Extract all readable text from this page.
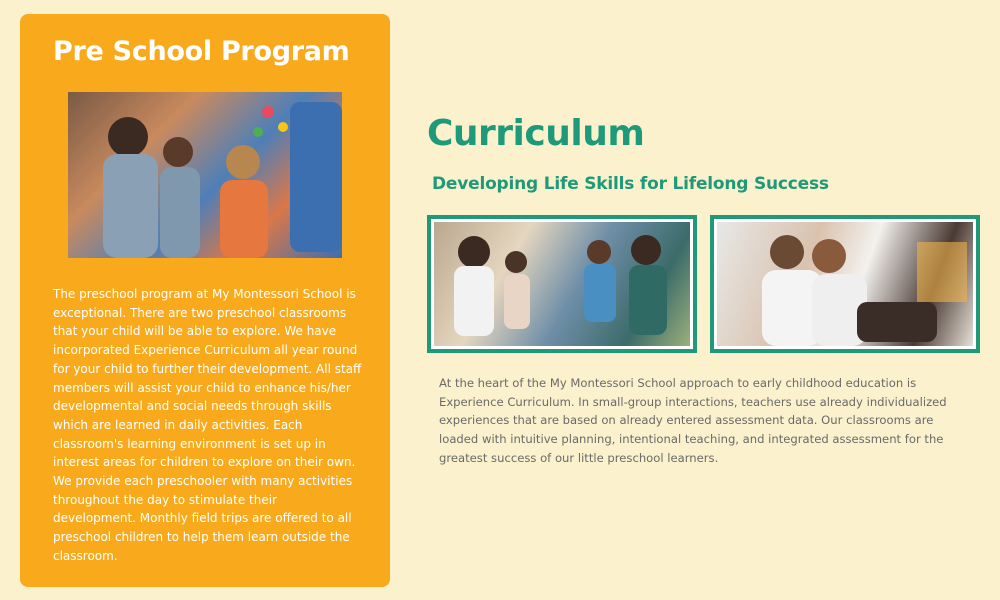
Pre School Program

The preschool program at My Montessori School is exceptional. There are two preschool classrooms that your child will be able to explore. We have incorporated Experience Curriculum all year round for your child to further their development. All staff members will assist your child to enhance his/her developmental and social needs through skills which are learned in daily activities. Each classroom's learning environment is set up in interest areas for children to explore on their own. We provide each preschooler with many activities throughout the day to stimulate their development. Monthly field trips are offered to all preschool children to help them learn outside the classroom.

Curriculum
Developing Life Skills for Lifelong Success

At the heart of the My Montessori School approach to early childhood education is Experience Curriculum. In small-group interactions, teachers use already individualized experiences that are based on already entered assessment data. Our classrooms are loaded with intuitive planning, intentional teaching, and integrated assessment for the greatest success of our little preschool learners.
